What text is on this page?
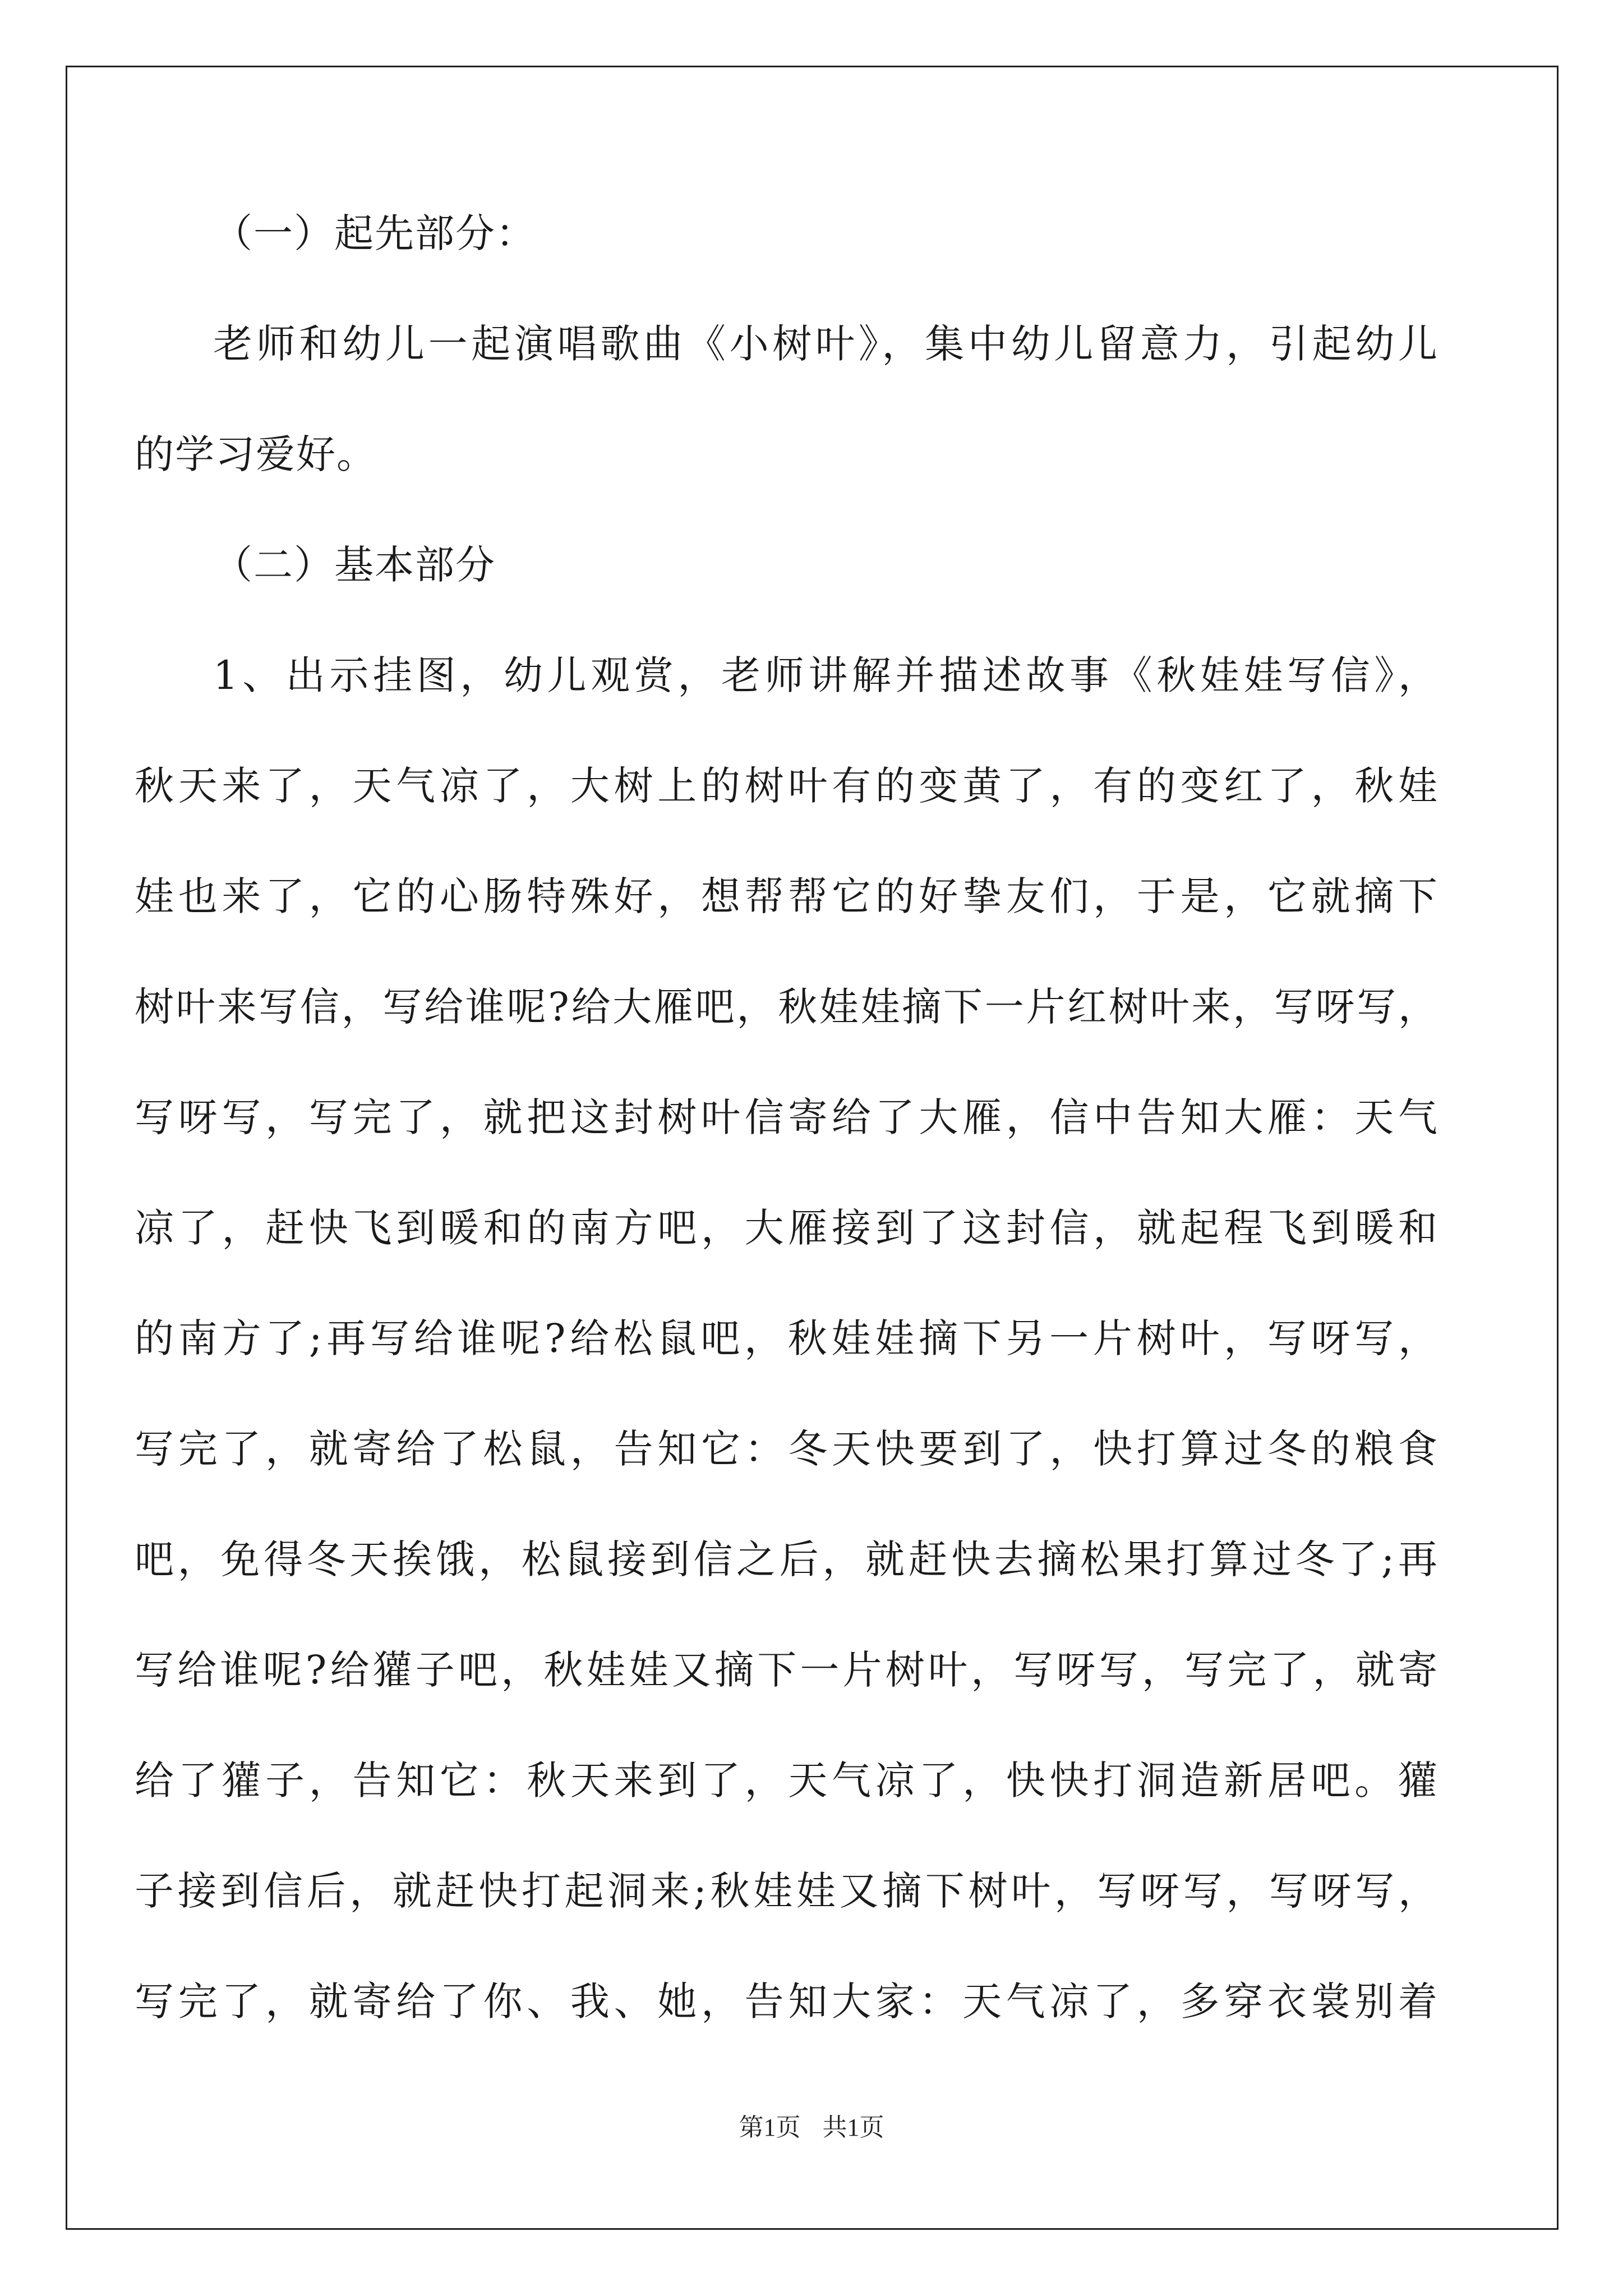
（一）起先部分：

老师和幼儿一起演唱歌曲《小树叶》，集中幼儿留意力，引起幼儿

的学习爱好。

（二）基本部分

1、出示挂图，幼儿观赏，老师讲解并描述故事《秋娃娃写信》，

秋天来了，天气凉了，大树上的树叶有的变黄了，有的变红了，秋娃

娃也来了，它的心肠特殊好，想帮帮它的好挚友们，于是，它就摘下

树叶来写信，写给谁呢?给大雁吧，秋娃娃摘下一片红树叶来，写呀写，

写呀写，写完了，就把这封树叶信寄给了大雁，信中告知大雁：天气

凉了，赶快飞到暖和的南方吧，大雁接到了这封信，就起程飞到暖和

的南方了;再写给谁呢?给松鼠吧，秋娃娃摘下另一片树叶，写呀写，

写完了，就寄给了松鼠，告知它：冬天快要到了，快打算过冬的粮食

吧，免得冬天挨饿，松鼠接到信之后，就赶快去摘松果打算过冬了;再

写给谁呢?给獾子吧，秋娃娃又摘下一片树叶，写呀写，写完了，就寄

给了獾子，告知它：秋天来到了，天气凉了，快快打洞造新居吧。獾

子接到信后，就赶快打起洞来;秋娃娃又摘下树叶，写呀写，写呀写，

写完了，就寄给了你、我、她，告知大家：天气凉了，多穿衣裳别着

第1页 共1页
